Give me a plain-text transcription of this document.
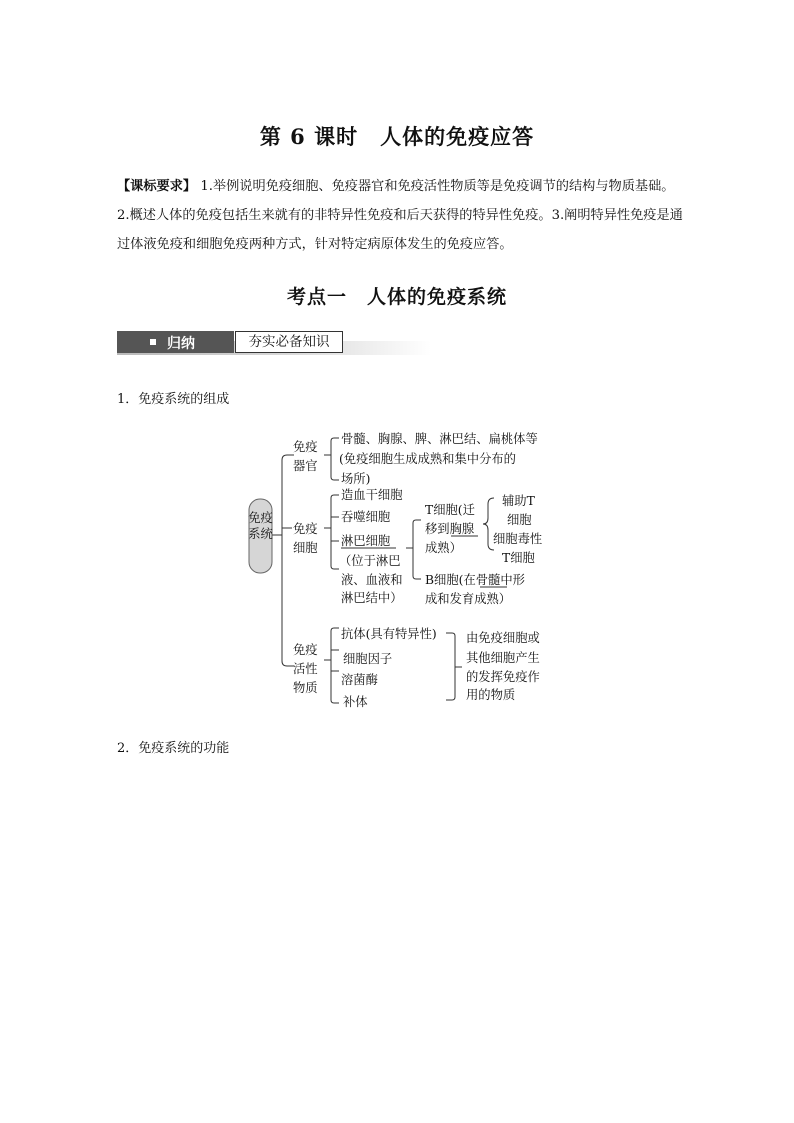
第 6 课时　人体的免疫应答
【课标要求】 1.举例说明免疫细胞、免疫器官和免疫活性物质等是免疫调节的结构与物质基础。2.概述人体的免疫包括生来就有的非特异性免疫和后天获得的特异性免疫。3.阐明特异性免疫是通过体液免疫和细胞免疫两种方式，针对特定病原体发生的免疫应答。
考点一　人体的免疫系统
归纳	夯实必备知识
1．免疫系统的组成
免疫
系统
免疫
器官
骨髓、胸腺、脾、淋巴结、扁桃体等
(免疫细胞生成成熟和集中分布的
场所)
免疫
细胞
造血干细胞
吞噬细胞
淋巴细胞
（位于淋巴
液、血液和
淋巴结中）
T细胞(迁
移到胸腺
成熟）
辅助T
细胞
细胞毒性
T细胞
B细胞(在骨髓中形
成和发育成熟）
免疫
活性
物质
抗体(具有特异性)
细胞因子
溶菌酶
补体
由免疫细胞或
其他细胞产生
的发挥免疫作
用的物质
2．免疫系统的功能
